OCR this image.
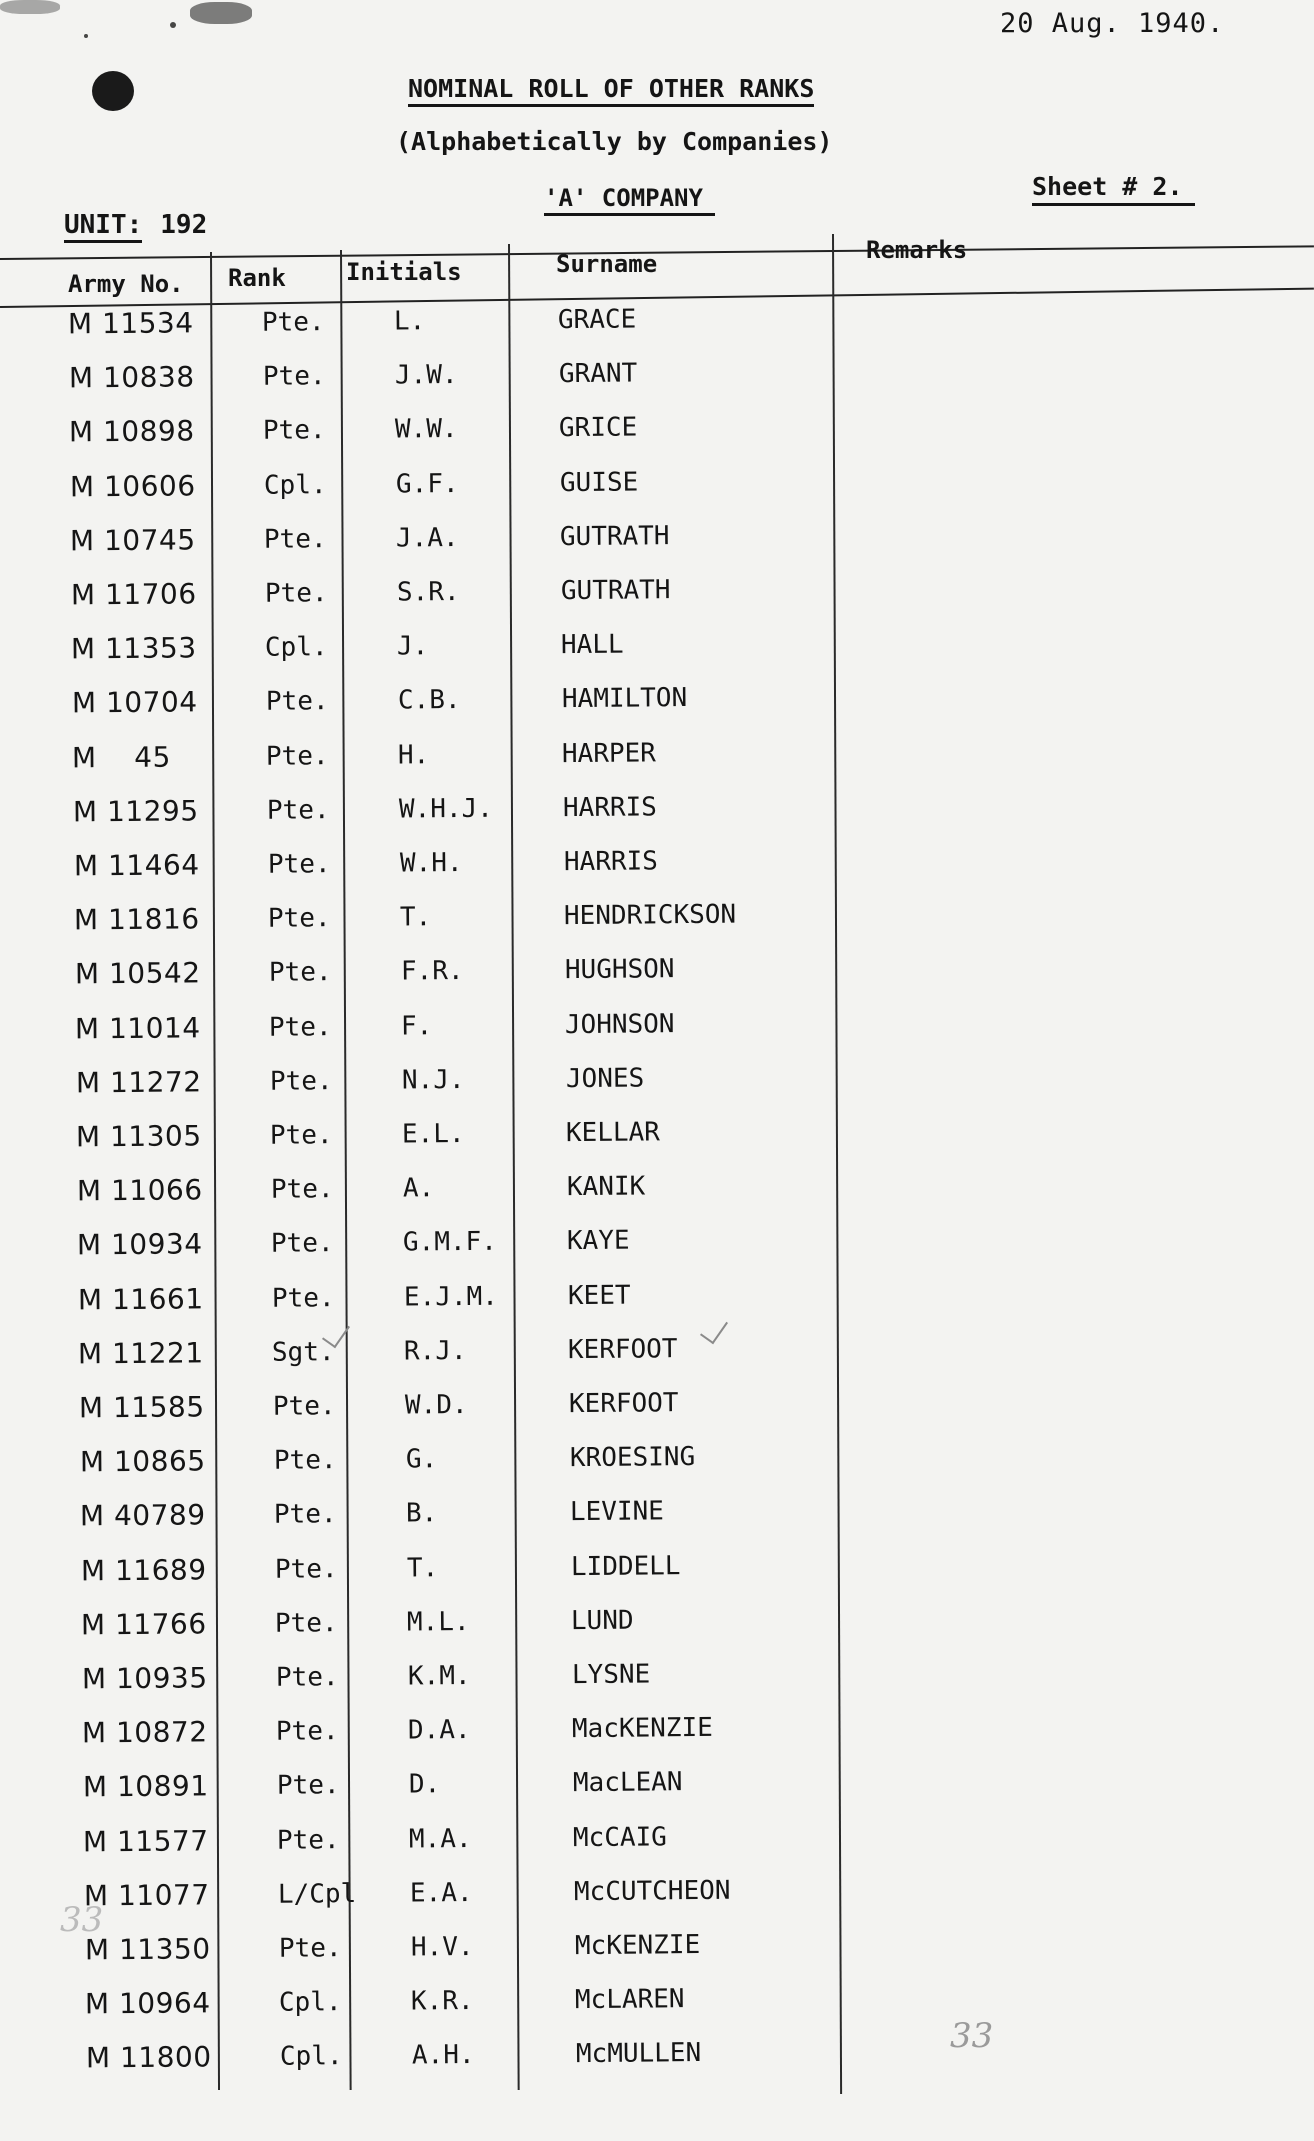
20 Aug. 1940.
NOMINAL ROLL OF OTHER RANKS
(Alphabetically by Companies)
'A' COMPANY	Sheet # 2.
UNIT: 192
Army No. Rank	Initials	Surname	Remarks
M 11534	Pte.	L.	GRACE
M 10838	Pte.	J.W.	GRANT
M 10898	Pte.	W.W.	GRICE
M 10606	Cpl.	G.F.	GUISE
M 10745	Pte.	J.A.	GUTRATH
M 11706	Pte.	S.R.	GUTRATH
M 11353	Cpl.	J.	HALL
M 10704	Pte.	C.B.	HAMILTON
M    45	Pte.	H.	HARPER
M 11295	Pte.	W.H.J.	HARRIS
M 11464	Pte.	W.H.	HARRIS
M 11816	Pte.	T.	HENDRICKSON
M 10542	Pte.	F.R.	HUGHSON
M 11014	Pte.	F.	JOHNSON
M 11272	Pte.	N.J.	JONES
M 11305	Pte.	E.L.	KELLAR
M 11066	Pte.	A.	KANIK
M 10934	Pte.	G.M.F.	KAYE
M 11661	Pte.	E.J.M.	KEET
M 11221	Sgt.	R.J.	KERFOOT
M 11585	Pte.	W.D.	KERFOOT
M 10865	Pte.	G.	KROESING
M 40789	Pte.	B.	LEVINE
M 11689	Pte.	T.	LIDDELL
M 11766	Pte.	M.L.	LUND
M 10935	Pte.	K.M.	LYSNE
M 10872	Pte.	D.A.	MacKENZIE
M 10891	Pte.	D.	MacLEAN
M 11577	Pte.	M.A.	McCAIG
M 11077	L/Cpl	E.A.	McCUTCHEON
M 11350	Pte.	H.V.	McKENZIE
M 10964	Cpl.	K.R.	McLAREN
M 11800	Cpl.	A.H.	McMULLEN	33
33
